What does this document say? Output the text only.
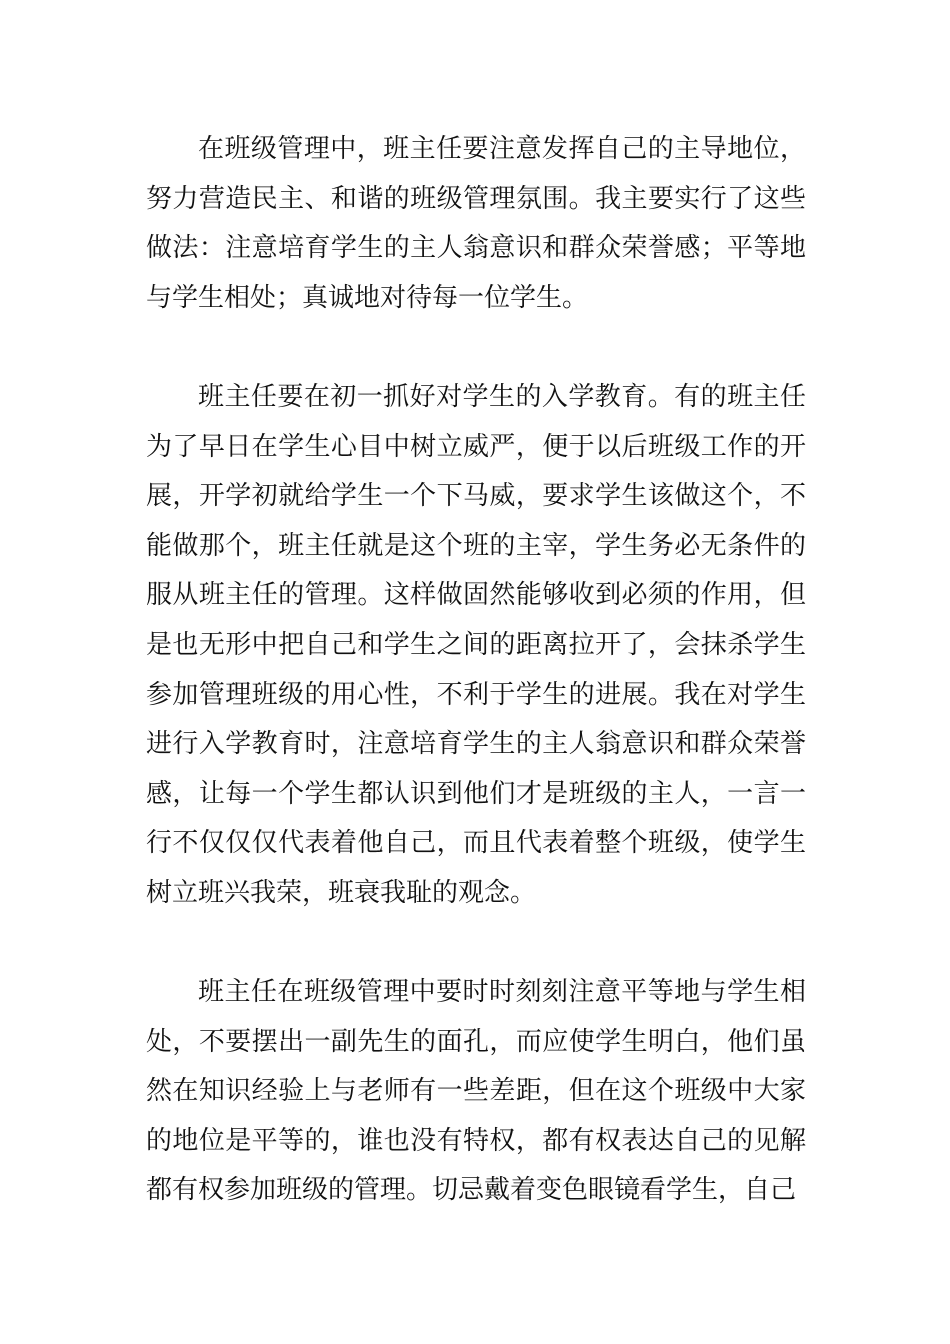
在班级管理中，班主任要注意发挥自己的主导地位，努力营造民主、和谐的班级管理氛围。我主要实行了这些做法：注意培育学生的主人翁意识和群众荣誉感；平等地与学生相处；真诚地对待每一位学生。

班主任要在初一抓好对学生的入学教育。有的班主任为了早日在学生心目中树立威严，便于以后班级工作的开展，开学初就给学生一个下马威，要求学生该做这个，不能做那个，班主任就是这个班的主宰，学生务必无条件的服从班主任的管理。这样做固然能够收到必须的作用，但是也无形中把自己和学生之间的距离拉开了，会抹杀学生参加管理班级的用心性，不利于学生的进展。我在对学生进行入学教育时，注意培育学生的主人翁意识和群众荣誉感，让每一个学生都认识到他们才是班级的主人，一言一行不仅仅仅代表着他自己，而且代表着整个班级，使学生树立班兴我荣，班衰我耻的观念。

班主任在班级管理中要时时刻刻注意平等地与学生相处，不要摆出一副先生的面孔，而应使学生明白，他们虽然在知识经验上与老师有一些差距，但在这个班级中大家的地位是平等的，谁也没有特权，都有权表达自己的见解都有权参加班级的管理。切忌戴着变色眼镜看学生，自己
